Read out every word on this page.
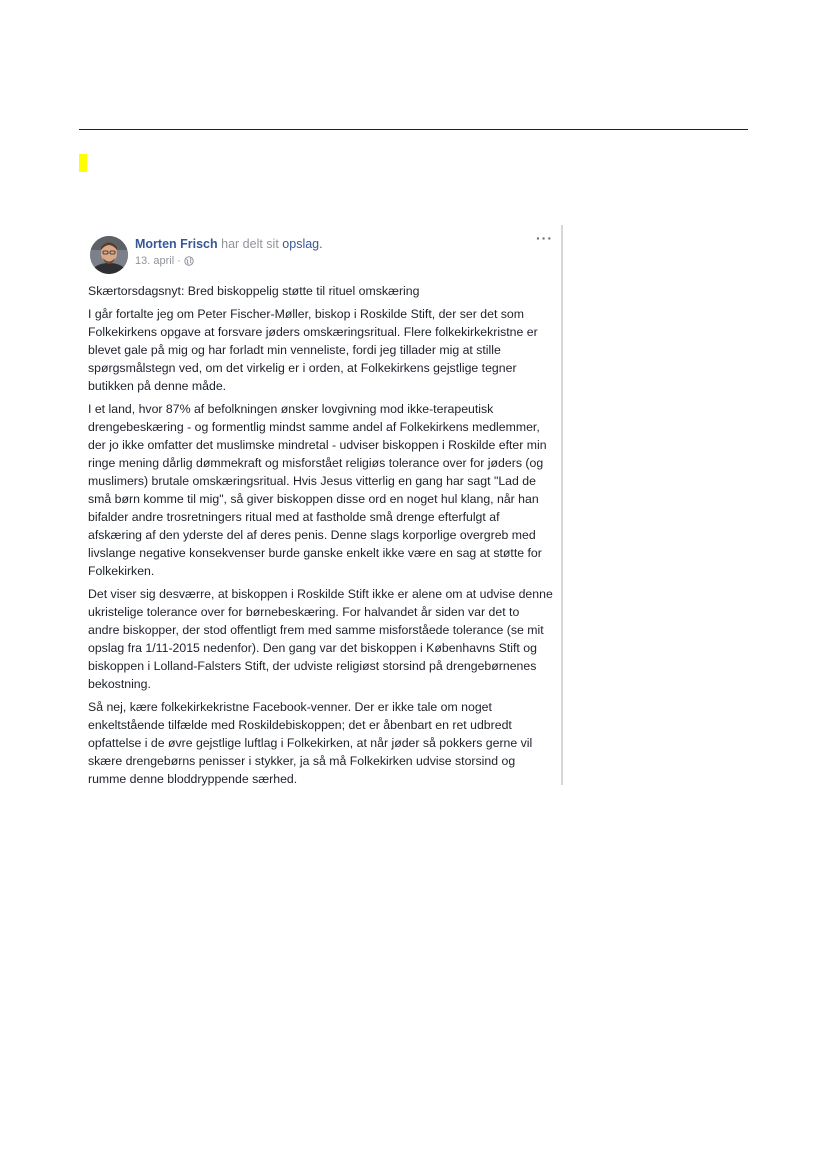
Morten Frisch har delt sit opslag.
13. april ·
···

Skærtorsdagsnyt: Bred biskoppelig støtte til rituel omskæring

I går fortalte jeg om Peter Fischer-Møller, biskop i Roskilde Stift, der ser det som Folkekirkens opgave at forsvare jøders omskæringsritual. Flere folkekirkekristne er blevet gale på mig og har forladt min venneliste, fordi jeg tillader mig at stille spørgsmålstegn ved, om det virkelig er i orden, at Folkekirkens gejstlige tegner butikken på denne måde.

I et land, hvor 87% af befolkningen ønsker lovgivning mod ikke-terapeutisk drengebeskæring - og formentlig mindst samme andel af Folkekirkens medlemmer, der jo ikke omfatter det muslimske mindretal - udviser biskoppen i Roskilde efter min ringe mening dårlig dømmekraft og misforstået religiøs tolerance over for jøders (og muslimers) brutale omskæringsritual. Hvis Jesus vitterlig en gang har sagt "Lad de små børn komme til mig", så giver biskoppen disse ord en noget hul klang, når han bifalder andre trosretningers ritual med at fastholde små drenge efterfulgt af afskæring af den yderste del af deres penis. Denne slags korporlige overgreb med livslange negative konsekvenser burde ganske enkelt ikke være en sag at støtte for Folkekirken.

Det viser sig desværre, at biskoppen i Roskilde Stift ikke er alene om at udvise denne ukristelige tolerance over for børnebeskæring. For halvandet år siden var det to andre biskopper, der stod offentligt frem med samme misforståede tolerance (se mit opslag fra 1/11-2015 nedenfor). Den gang var det biskoppen i Københavns Stift og biskoppen i Lolland-Falsters Stift, der udviste religiøst storsind på drengebørnenes bekostning.

Så nej, kære folkekirkekristne Facebook-venner. Der er ikke tale om noget enkeltstående tilfælde med Roskildebiskoppen; det er åbenbart en ret udbredt opfattelse i de øvre gejstlige luftlag i Folkekirken, at når jøder så pokkers gerne vil skære drengebørns penisser i stykker, ja så må Folkekirken udvise storsind og rumme denne bloddryppende særhed.
